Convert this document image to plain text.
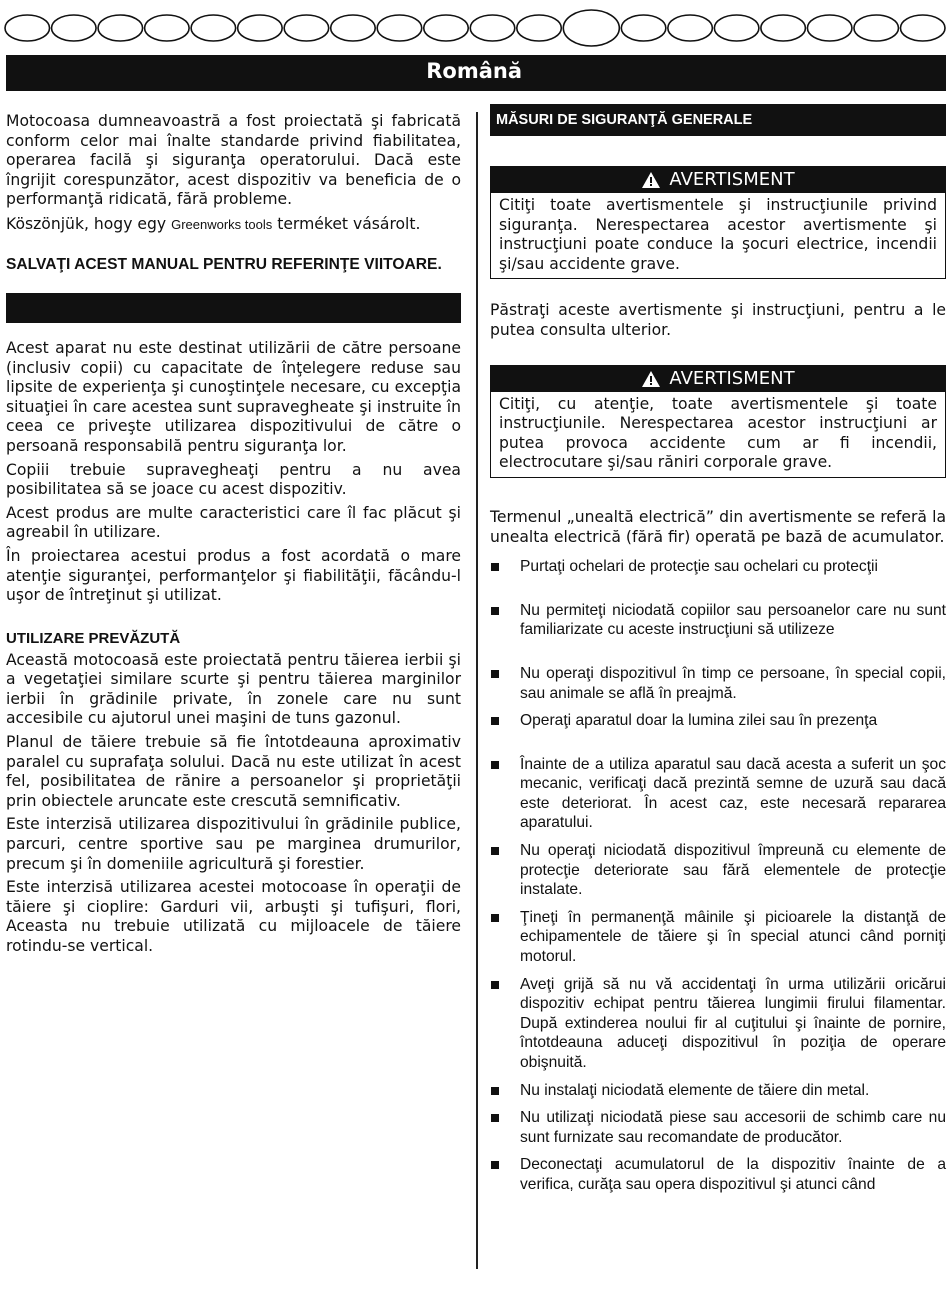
Română

Motocoasa dumneavoastră a fost proiectată şi fabricată conform celor mai înalte standarde privind fiabilitatea, operarea facilă şi siguranţa operatorului. Dacă este îngrijit corespunzător, acest dispozitiv va beneficia de o performanţă ridicată, fără probleme.

Köszönjük, hogy egy Greenworks tools terméket vásárolt.
SALVAŢI ACEST MANUAL PENTRU REFERINŢE VIITOARE.

Acest aparat nu este destinat utilizării de către persoane (inclusiv copii) cu capacitate de înţelegere reduse sau lipsite de experienţa şi cunoştinţele necesare, cu excepţia situaţiei în care acestea sunt supravegheate şi instruite în ceea ce priveşte utilizarea dispozitivului de către o persoană responsabilă pentru siguranţa lor.

Copiii trebuie supravegheaţi pentru a nu avea posibilitatea să se joace cu acest dispozitiv.

Acest produs are multe caracteristici care îl fac plăcut şi agreabil în utilizare.

În proiectarea acestui produs a fost acordată o mare atenţie siguranţei, performanţelor şi fiabilităţii, făcându-l uşor de întreţinut şi utilizat.

UTILIZARE PREVĂZUTĂ

Această motocoasă este proiectată pentru tăierea ierbii şi a vegetaţiei similare scurte şi pentru tăierea marginilor ierbii în grădinile private, în zonele care nu sunt accesibile cu ajutorul unei maşini de tuns gazonul.

Planul de tăiere trebuie să fie întotdeauna aproximativ paralel cu suprafaţa solului. Dacă nu este utilizat în acest fel, posibilitatea de rănire a persoanelor şi proprietăţii prin obiectele aruncate este crescută semnificativ.

Este interzisă utilizarea dispozitivului în grădinile publice, parcuri, centre sportive sau pe marginea drumurilor, precum şi în domeniile agricultură şi forestier.

Este interzisă utilizarea acestei motocoase în operaţii de tăiere şi cioplire: Garduri vii, arbuşti şi tufişuri, flori, Aceasta nu trebuie utilizată cu mijloacele de tăiere rotindu-se vertical.

MĂSURI DE SIGURANŢĂ GENERALE
AVERTISMENT
Citiţi toate avertismentele şi instrucţiunile privind siguranţa. Nerespectarea acestor avertismente şi instrucţiuni poate conduce la şocuri electrice, incendii şi/sau accidente grave.

Păstraţi aceste avertismente şi instrucţiuni, pentru a le putea consulta ulterior.

AVERTISMENT
Citiţi, cu atenţie, toate avertismentele şi toate instrucţiunile. Nerespectarea acestor instrucţiuni ar putea provoca accidente cum ar fi incendii, electrocutare şi/sau răniri corporale grave.

Termenul „unealtă electrică” din avertismente se referă la unealta electrică (fără fir) operată pe bază de acumulator.

Purtaţi ochelari de protecţie sau ochelari cu protecţii
Nu permiteţi niciodată copiilor sau persoanelor care nu sunt familiarizate cu aceste instrucţiuni să utilizeze
Nu operaţi dispozitivul în timp ce persoane, în special copii, sau animale se află în preajmă.
Operaţi aparatul doar la lumina zilei sau în prezenţa
Înainte de a utiliza aparatul sau dacă acesta a suferit un şoc mecanic, verificaţi dacă prezintă semne de uzură sau dacă este deteriorat. În acest caz, este necesară repararea aparatului.
Nu operaţi niciodată dispozitivul împreună cu elemente de protecţie deteriorate sau fără elementele de protecţie instalate.
Ţineţi în permanenţă mâinile şi picioarele la distanţă de echipamentele de tăiere şi în special atunci când porniţi motorul.
Aveţi grijă să nu vă accidentaţi în urma utilizării oricărui dispozitiv echipat pentru tăierea lungimii firului filamentar. După extinderea noului fir al cuţitului şi înainte de pornire, întotdeauna aduceţi dispozitivul în poziţia de operare obişnuită.
Nu instalaţi niciodată elemente de tăiere din metal.
Nu utilizaţi niciodată piese sau accesorii de schimb care nu sunt furnizate sau recomandate de producător.
Deconectaţi acumulatorul de la dispozitiv înainte de a verifica, curăţa sau opera dispozitivul şi atunci când
